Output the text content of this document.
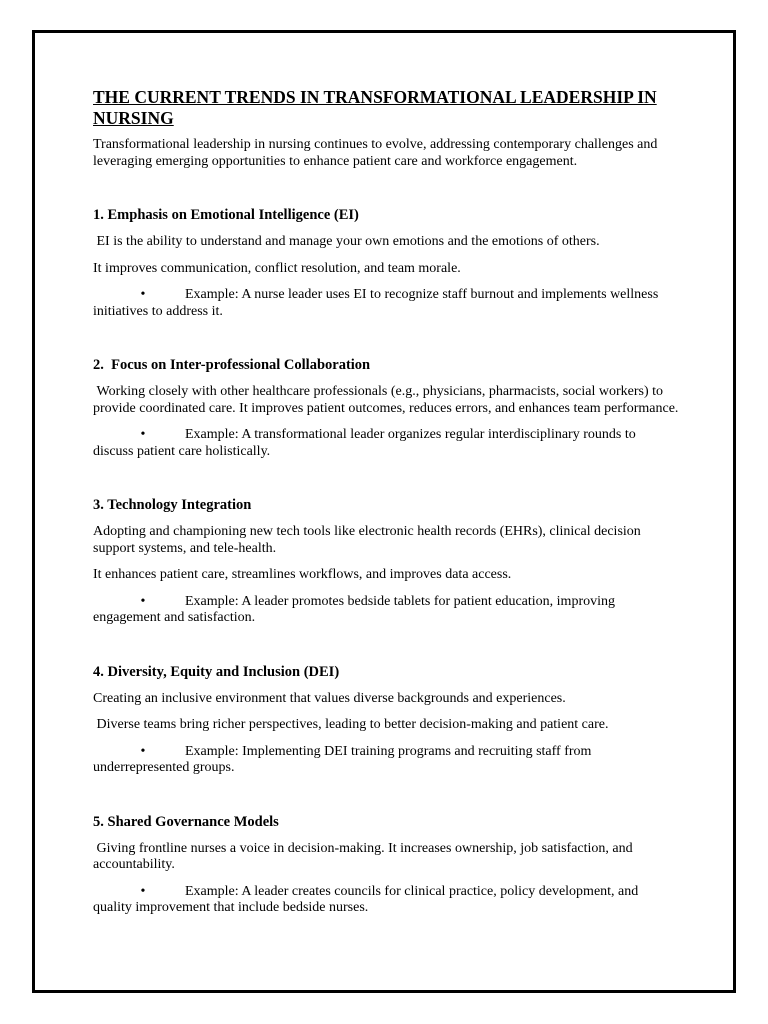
THE CURRENT TRENDS IN TRANSFORMATIONAL LEADERSHIP IN NURSING

Transformational leadership in nursing continues to evolve, addressing contemporary challenges and leveraging emerging opportunities to enhance patient care and workforce engagement.

1. Emphasis on Emotional Intelligence (EI)

EI is the ability to understand and manage your own emotions and the emotions of others.

It improves communication, conflict resolution, and team morale.

•	Example: A nurse leader uses EI to recognize staff burnout and implements wellness initiatives to address it.

2.  Focus on Inter-professional Collaboration

Working closely with other healthcare professionals (e.g., physicians, pharmacists, social workers) to provide coordinated care. It improves patient outcomes, reduces errors, and enhances team performance.

•	Example: A transformational leader organizes regular interdisciplinary rounds to discuss patient care holistically.

3. Technology Integration

Adopting and championing new tech tools like electronic health records (EHRs), clinical decision support systems, and tele-health.

It enhances patient care, streamlines workflows, and improves data access.

•	Example: A leader promotes bedside tablets for patient education, improving engagement and satisfaction.

4. Diversity, Equity and Inclusion (DEI)

Creating an inclusive environment that values diverse backgrounds and experiences.

Diverse teams bring richer perspectives, leading to better decision-making and patient care.

•	Example: Implementing DEI training programs and recruiting staff from underrepresented groups.

5. Shared Governance Models

Giving frontline nurses a voice in decision-making. It increases ownership, job satisfaction, and accountability.

•	Example: A leader creates councils for clinical practice, policy development, and quality improvement that include bedside nurses.
